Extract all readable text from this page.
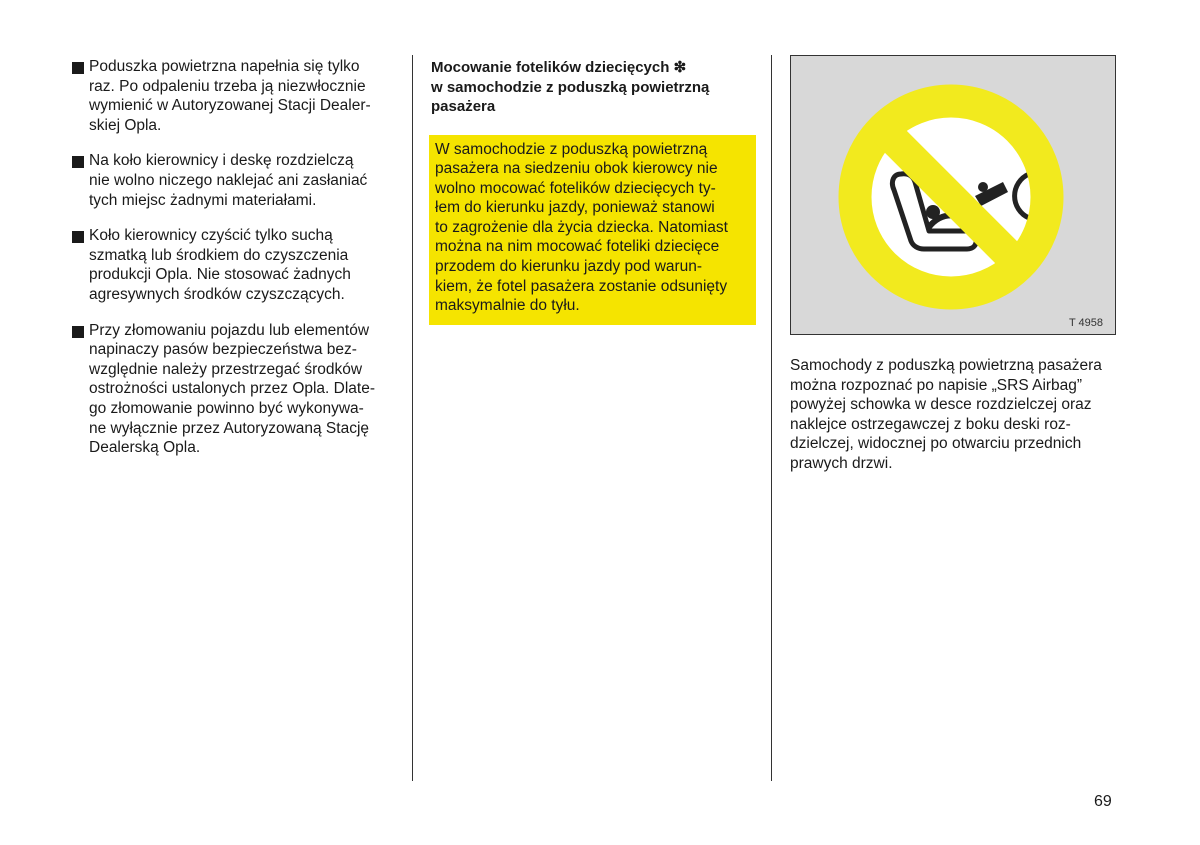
Poduszka powietrzna napełnia się tylko
raz. Po odpaleniu trzeba ją niezwłocznie
wymienić w Autoryzowanej Stacji Dealer-
skiej Opla.
Na koło kierownicy i deskę rozdzielczą
nie wolno niczego naklejać ani zasłaniać
tych miejsc żadnymi materiałami.
Koło kierownicy czyścić tylko suchą
szmatką lub środkiem do czyszczenia
produkcji Opla. Nie stosować żadnych
agresywnych środków czyszczących.
Przy złomowaniu pojazdu lub elementów
napinaczy pasów bezpieczeństwa bez-
względnie należy przestrzegać środków
ostrożności ustalonych przez Opla. Dlate-
go złomowanie powinno być wykonywa-
ne wyłącznie przez Autoryzowaną Stację
Dealerską Opla.
Mocowanie fotelików dziecięcych ❇
w samochodzie z poduszką powietrzną
pasażera
W samochodzie z poduszką powietrzną
pasażera na siedzeniu obok kierowcy nie
wolno mocować fotelików dziecięcych ty-
łem do kierunku jazdy, ponieważ stanowi
to zagrożenie dla życia dziecka. Natomiast
można na nim mocować foteliki dziecięce
przodem do kierunku jazdy pod warun-
kiem, że fotel pasażera zostanie odsunięty
maksymalnie do tyłu.
T 4958
Samochody z poduszką powietrzną pasażera
można rozpoznać po napisie „SRS Airbag”
powyżej schowka w desce rozdzielczej oraz
naklejce ostrzegawczej z boku deski roz-
dzielczej, widocznej po otwarciu przednich
prawych drzwi.
69
